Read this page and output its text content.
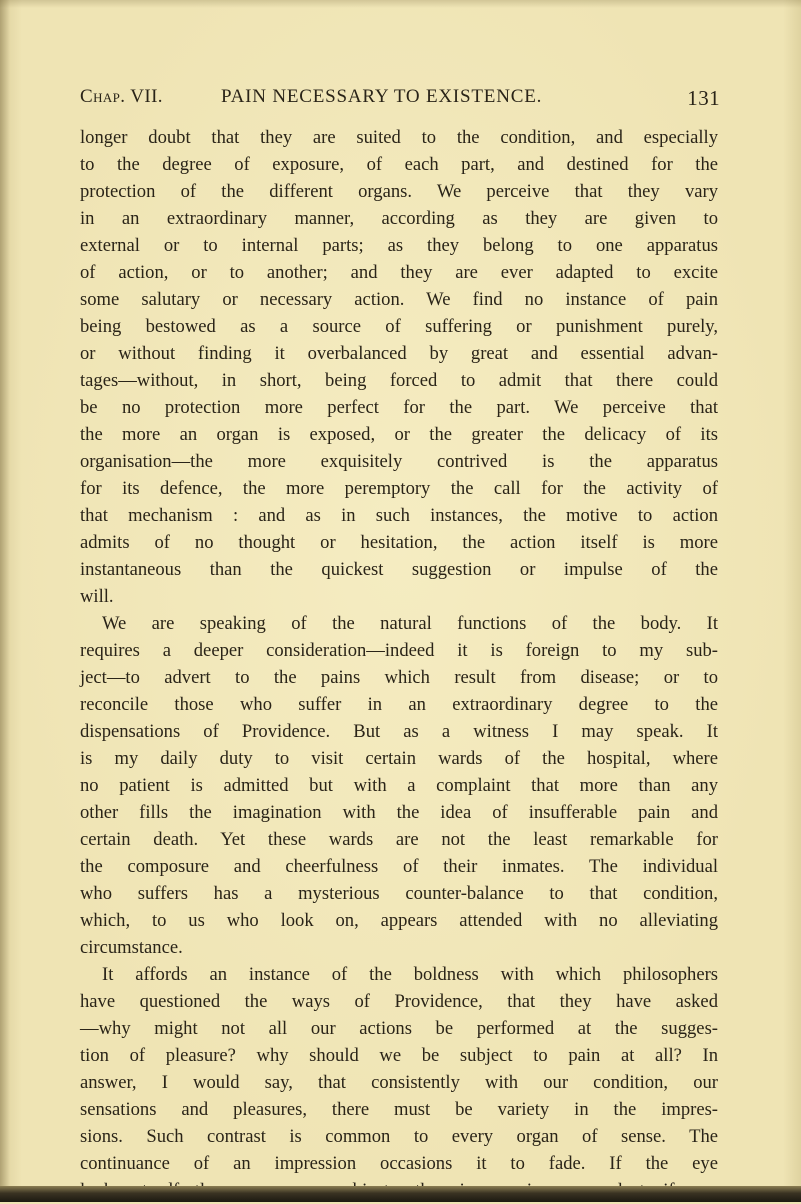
Chap. VII.	PAIN NECESSARY TO EXISTENCE.	131
longer doubt that they are suited to the condition, and especially
to the degree of exposure, of each part, and destined for the
protection of the different organs. We perceive that they vary
in an extraordinary manner, according as they are given to
external or to internal parts; as they belong to one apparatus
of action, or to another; and they are ever adapted to excite
some salutary or necessary action. We find no instance of pain
being bestowed as a source of suffering or punishment purely,
or without finding it overbalanced by great and essential advan-
tages—without, in short, being forced to admit that there could
be no protection more perfect for the part. We perceive that
the more an organ is exposed, or the greater the delicacy of its
organisation—the more exquisitely contrived is the apparatus
for its defence, the more peremptory the call for the activity of
that mechanism : and as in such instances, the motive to action
admits of no thought or hesitation, the action itself is more
instantaneous than the quickest suggestion or impulse of the
will.
We are speaking of the natural functions of the body. It
requires a deeper consideration—indeed it is foreign to my sub-
ject—to advert to the pains which result from disease; or to
reconcile those who suffer in an extraordinary degree to the
dispensations of Providence. But as a witness I may speak. It
is my daily duty to visit certain wards of the hospital, where
no patient is admitted but with a complaint that more than any
other fills the imagination with the idea of insufferable pain and
certain death. Yet these wards are not the least remarkable for
the composure and cheerfulness of their inmates. The individual
who suffers has a mysterious counter-balance to that condition,
which, to us who look on, appears attended with no alleviating
circumstance.
It affords an instance of the boldness with which philosophers
have questioned the ways of Providence, that they have asked
—why might not all our actions be performed at the sugges-
tion of pleasure? why should we be subject to pain at all? In
answer, I would say, that consistently with our condition, our
sensations and pleasures, there must be variety in the impres-
sions. Such contrast is common to every organ of sense. The
continuance of an impression occasions it to fade. If the eye
